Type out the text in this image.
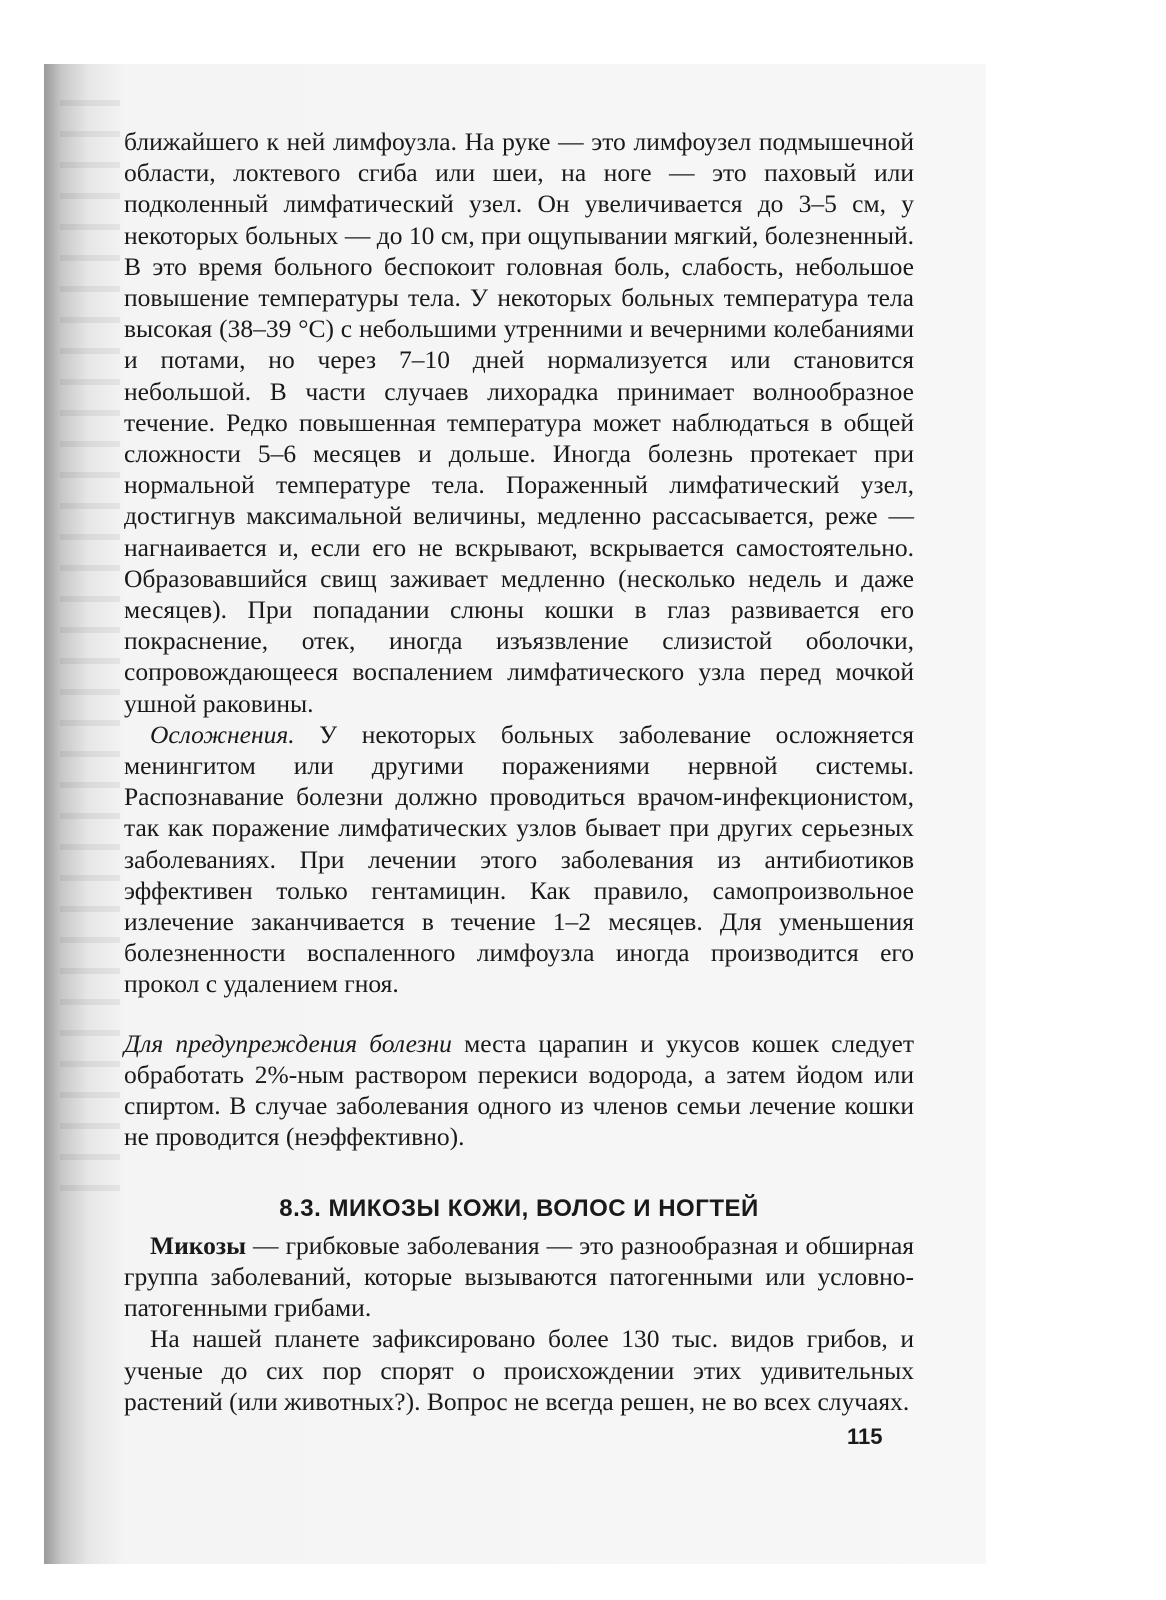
ближайшего к ней лимфоузла. На руке — это лимфоузел подмышечной области, локтевого сгиба или шеи, на ноге — это паховый или подколенный лимфатический узел. Он увеличивается до 3–5 см, у некоторых больных — до 10 см, при ощупывании мягкий, болезненный. В это время больного беспокоит головная боль, слабость, небольшое повышение температуры тела. У некоторых больных температура тела высокая (38–39 °С) с небольшими утренними и вечерними колебаниями и потами, но через 7–10 дней нормализуется или становится небольшой. В части случаев лихорадка принимает волнообразное течение. Редко повышенная температура может наблюдаться в общей сложности 5–6 месяцев и дольше. Иногда болезнь протекает при нормальной температуре тела. Пораженный лимфатический узел, достигнув максимальной величины, медленно рассасывается, реже — нагнаивается и, если его не вскрывают, вскрывается самостоятельно. Образовавшийся свищ заживает медленно (несколько недель и даже месяцев). При попадании слюны кошки в глаз развивается его покраснение, отек, иногда изъязвление слизистой оболочки, сопровождающееся воспалением лимфатического узла перед мочкой ушной раковины.

Осложнения. У некоторых больных заболевание осложняется менингитом или другими поражениями нервной системы. Распознавание болезни должно проводиться врачом-инфекционистом, так как поражение лимфатических узлов бывает при других серьезных заболеваниях. При лечении этого заболевания из антибиотиков эффективен только гентамицин. Как правило, самопроизвольное излечение заканчивается в течение 1–2 месяцев. Для уменьшения болезненности воспаленного лимфоузла иногда производится его прокол с удалением гноя.

Для предупреждения болезни места царапин и укусов кошек следует обработать 2%-ным раствором перекиси водорода, а затем йодом или спиртом. В случае заболевания одного из членов семьи лечение кошки не проводится (неэффективно).

8.3. МИКОЗЫ КОЖИ, ВОЛОС И НОГТЕЙ

Микозы — грибковые заболевания — это разнообразная и обширная группа заболеваний, которые вызываются патогенными или условно-патогенными грибами.

На нашей планете зафиксировано более 130 тыс. видов грибов, и ученые до сих пор спорят о происхождении этих удивительных растений (или животных?). Вопрос не всегда решен, не во всех случаях.

115
